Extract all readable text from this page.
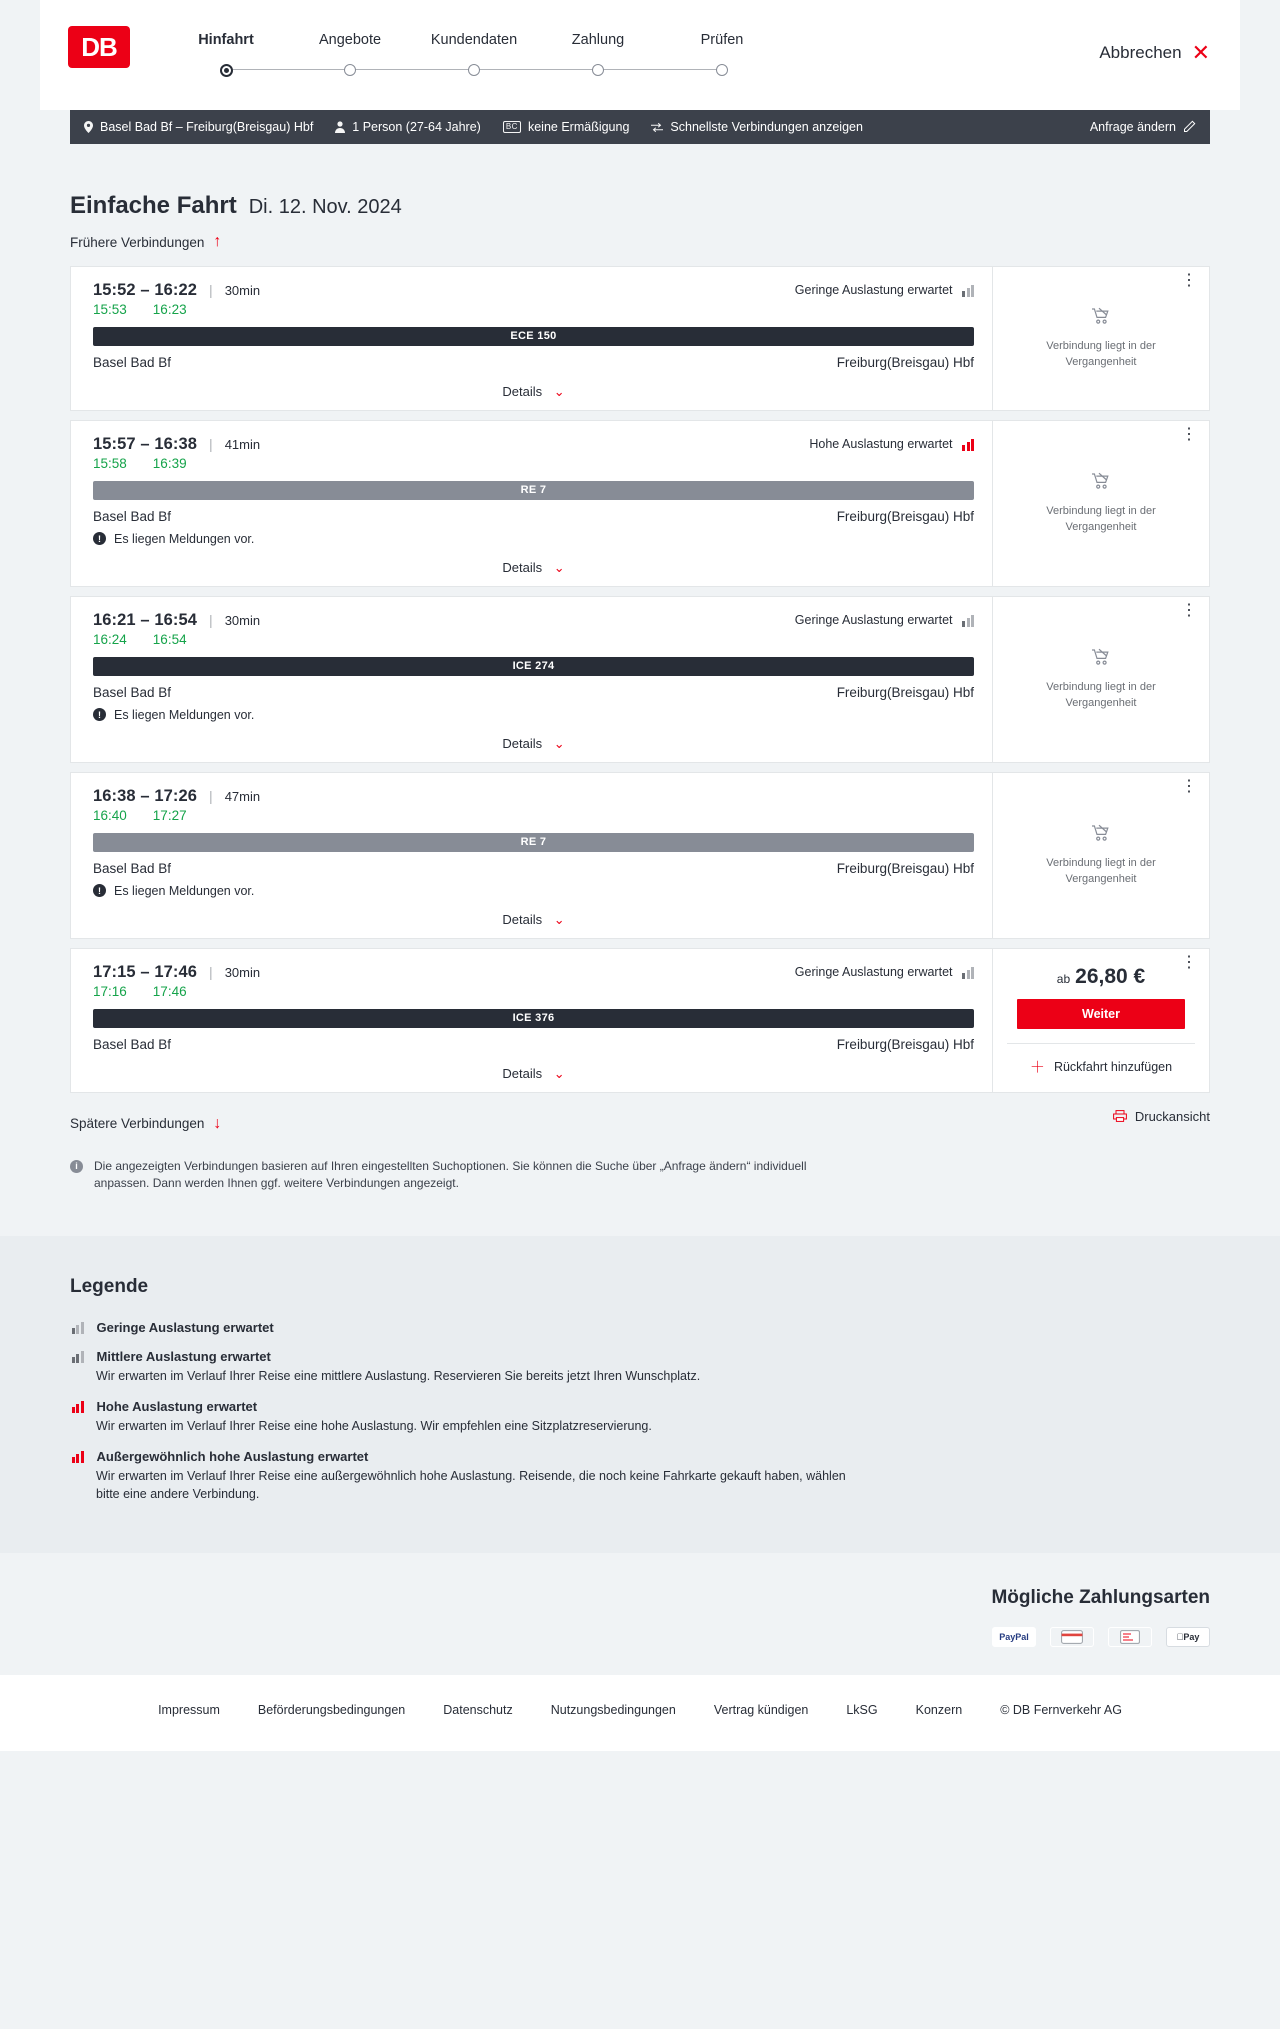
DB	Hinfahrt	Angebote	Kundendaten	Zahlung	Prüfen
Abbrechen ✕
Basel Bad Bf – Freiburg(Breisgau) Hbf	1 Person (27-64 Jahre)	BC keine Ermäßigung	Schnellste Verbindungen anzeigen	Anfrage ändern
Einfache Fahrt Di. 12. Nov. 2024
Frühere Verbindungen ↑
15:52 – 16:22 | 30min	Geringe Auslastung erwartet
15:53 16:23
ECE 150
Basel Bad Bf	Freiburg(Breisgau) Hbf
Details ⌄
⋮
Verbindung liegt in der Vergangenheit
15:57 – 16:38 | 41min	Hohe Auslastung erwartet
15:58 16:39
RE 7
Basel Bad Bf	Freiburg(Breisgau) Hbf
!	Es liegen Meldungen vor.
Details ⌄
⋮
Verbindung liegt in der Vergangenheit
16:21 – 16:54 | 30min	Geringe Auslastung erwartet
16:24 16:54
ICE 274
Basel Bad Bf	Freiburg(Breisgau) Hbf
!	Es liegen Meldungen vor.
Details ⌄
⋮
Verbindung liegt in der Vergangenheit
16:38 – 17:26 | 47min
16:40 17:27
RE 7
Basel Bad Bf	Freiburg(Breisgau) Hbf
!	Es liegen Meldungen vor.
Details ⌄
⋮
Verbindung liegt in der Vergangenheit
17:15 – 17:46 | 30min	Geringe Auslastung erwartet
17:16 17:46
ICE 376
Basel Bad Bf	Freiburg(Breisgau) Hbf
Details ⌄
⋮
ab 26,80 €
Weiter
＋ Rückfahrt hinzufügen
Spätere Verbindungen ↓	Druckansicht
i	Die angezeigten Verbindungen basieren auf Ihren eingestellten Suchoptionen. Sie können die Suche über „Anfrage ändern“ individuell anpassen. Dann werden Ihnen ggf. weitere Verbindungen angezeigt.
Legende
Geringe Auslastung erwartet
Mittlere Auslastung erwartet
Wir erwarten im Verlauf Ihrer Reise eine mittlere Auslastung. Reservieren Sie bereits jetzt Ihren Wunschplatz.
Hohe Auslastung erwartet
Wir erwarten im Verlauf Ihrer Reise eine hohe Auslastung. Wir empfehlen eine Sitzplatzreservierung.
Außergewöhnlich hohe Auslastung erwartet
Wir erwarten im Verlauf Ihrer Reise eine außergewöhnlich hohe Auslastung. Reisende, die noch keine Fahrkarte gekauft haben, wählen bitte eine andere Verbindung.
Mögliche Zahlungsarten
PayPal	Pay
Impressum	Beförderungsbedingungen	Datenschutz	Nutzungsbedingungen	Vertrag kündigen	LkSG	Konzern	© DB Fernverkehr AG
